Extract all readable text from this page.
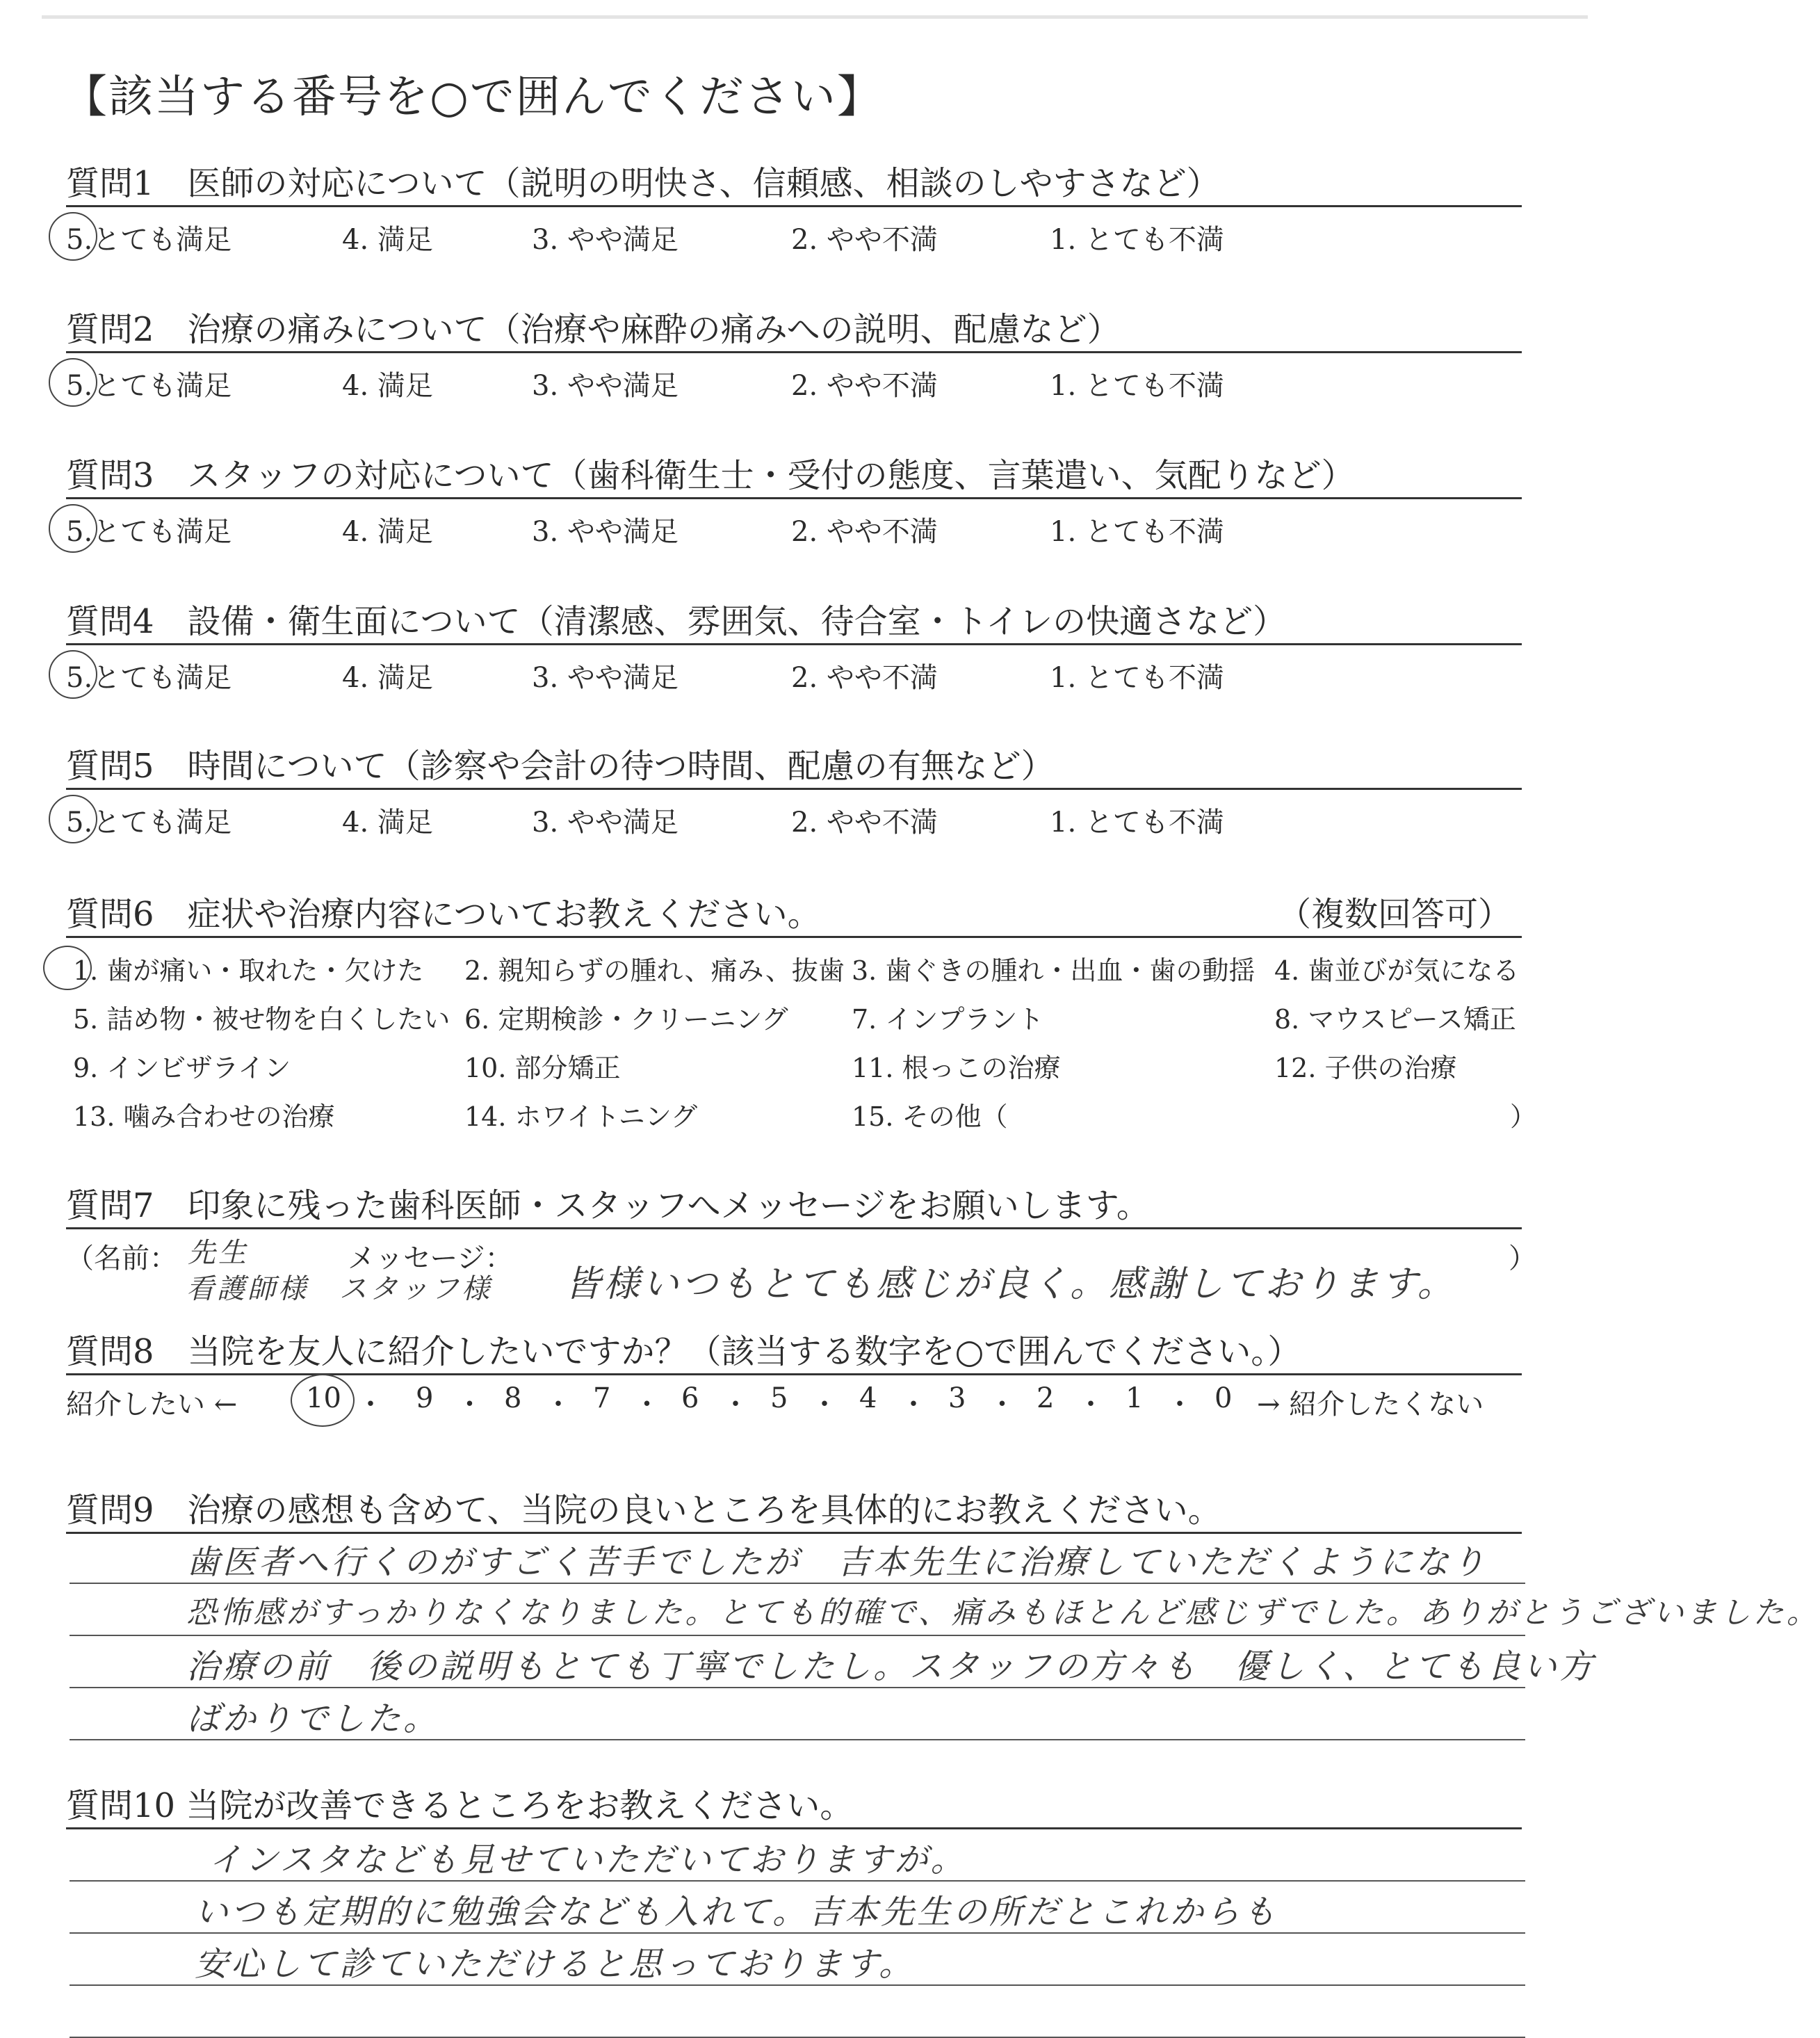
【該当する番号を○で囲んでください】
質問1　医師の対応について（説明の明快さ、信頼感、相談のしやすさなど）
5.とても満足	4. 満足	3. やや満足	2. やや不満	1. とても不満
質問2　治療の痛みについて（治療や麻酔の痛みへの説明、配慮など）
5.とても満足	4. 満足	3. やや満足	2. やや不満	1. とても不満
質問3　スタッフの対応について（歯科衛生士・受付の態度、言葉遣い、気配りなど）
5.とても満足	4. 満足	3. やや満足	2. やや不満	1. とても不満
質問4　設備・衛生面について（清潔感、雰囲気、待合室・トイレの快適さなど）
5.とても満足	4. 満足	3. やや満足	2. やや不満	1. とても不満
質問5　時間について（診察や会計の待つ時間、配慮の有無など）
5.とても満足	4. 満足	3. やや満足	2. やや不満	1. とても不満
質問6　症状や治療内容についてお教えください。	（複数回答可）
1. 歯が痛い・取れた・欠けた 2. 親知らずの腫れ、痛み、抜歯 3. 歯ぐきの腫れ・出血・歯の動揺 4. 歯並びが気になる
5. 詰め物・被せ物を白くしたい 6. 定期検診・クリーニング 7. インプラント	8. マウスピース矯正
9. インビザライン	10. 部分矯正	11. 根っこの治療	12. 子供の治療
13. 噛み合わせの治療	14. ホワイトニング	15. その他（	）
質問7　印象に残った歯科医師・スタッフへメッセージをお願いします。
（名前：	メッセージ：	）
先生
看護師様　スタッフ様 皆様いつもとても感じが良く。感謝しております。
質問8　当院を友人に紹介したいですか？（該当する数字を○で囲んでください。）
紹介したい ←	→ 紹介したくない
10 ・ 9 ・ 8 ・ 7 ・ 6 ・ 5 ・ 4 ・ 3 ・ 2 ・ 1 ・ 0
質問9　治療の感想も含めて、当院の良いところを具体的にお教えください。
歯医者へ行くのがすごく苦手でしたが　吉本先生に治療していただくようになり
恐怖感がすっかりなくなりました。とても的確で、痛みもほとんど感じずでした。ありがとうございました。
治療の前　後の説明もとても丁寧でしたし。スタッフの方々も　優しく、とても良い方
ばかりでした。
質問10 当院が改善できるところをお教えください。
インスタなども見せていただいておりますが。
いつも定期的に勉強会なども入れて。吉本先生の所だとこれからも
安心して診ていただけると思っております。
